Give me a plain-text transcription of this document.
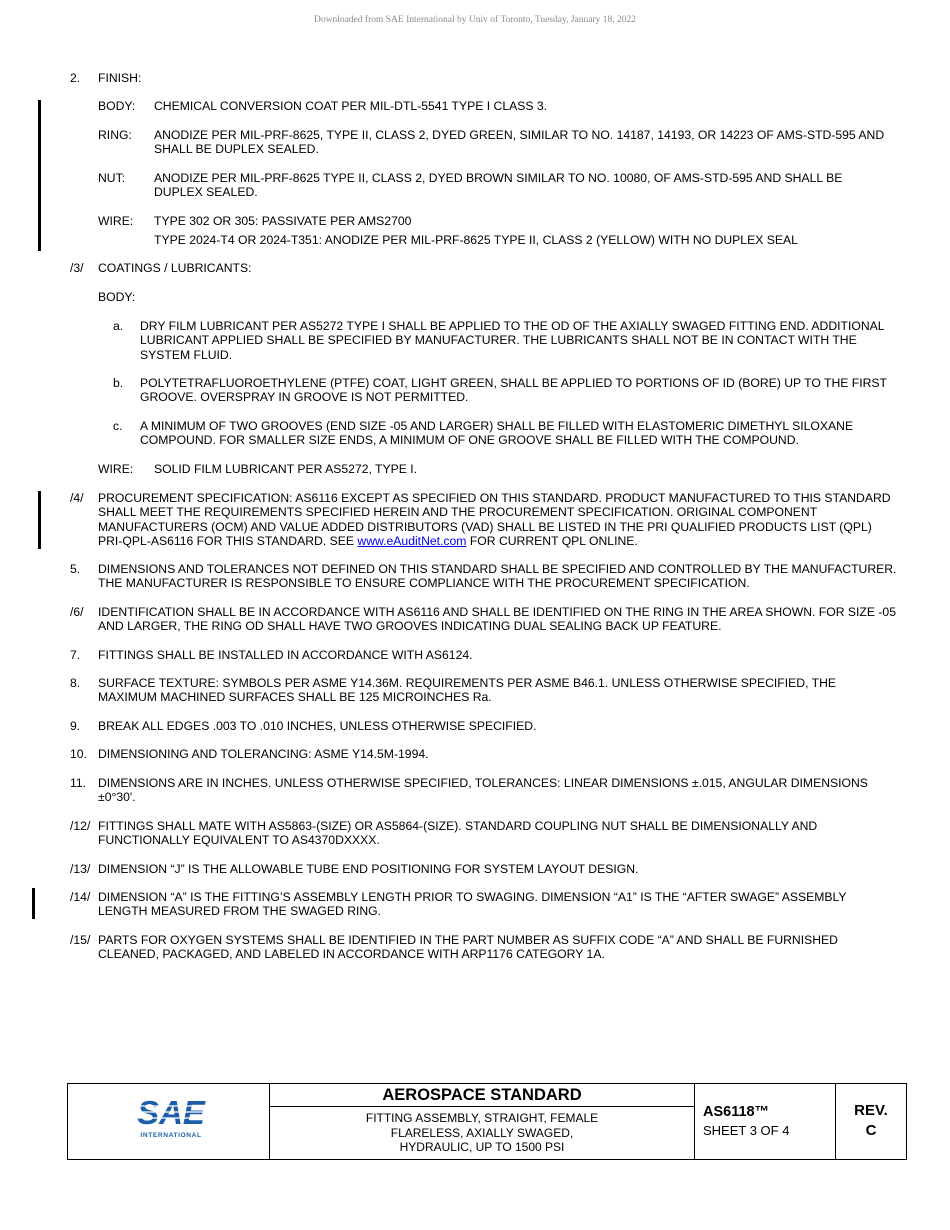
Downloaded from SAE International by Univ of Toronto, Tuesday, January 18, 2022
2. FINISH:
BODY: CHEMICAL CONVERSION COAT PER MIL-DTL-5541 TYPE I CLASS 3.
RING: ANODIZE PER MIL-PRF-8625, TYPE II, CLASS 2, DYED GREEN, SIMILAR TO NO. 14187, 14193, OR 14223 OF AMS-STD-595 AND SHALL BE DUPLEX SEALED.
NUT: ANODIZE PER MIL-PRF-8625 TYPE II, CLASS 2, DYED BROWN SIMILAR TO NO. 10080, OF AMS-STD-595 AND SHALL BE DUPLEX SEALED.
WIRE: TYPE 302 OR 305: PASSIVATE PER AMS2700
TYPE 2024-T4 OR 2024-T351: ANODIZE PER MIL-PRF-8625 TYPE II, CLASS 2 (YELLOW) WITH NO DUPLEX SEAL
/3/ COATINGS / LUBRICANTS:
BODY:
a. DRY FILM LUBRICANT PER AS5272 TYPE I SHALL BE APPLIED TO THE OD OF THE AXIALLY SWAGED FITTING END. ADDITIONAL LUBRICANT APPLIED SHALL BE SPECIFIED BY MANUFACTURER. THE LUBRICANTS SHALL NOT BE IN CONTACT WITH THE SYSTEM FLUID.
b. POLYTETRAFLUOROETHYLENE (PTFE) COAT, LIGHT GREEN, SHALL BE APPLIED TO PORTIONS OF ID (BORE) UP TO THE FIRST GROOVE. OVERSPRAY IN GROOVE IS NOT PERMITTED.
c. A MINIMUM OF TWO GROOVES (END SIZE -05 AND LARGER) SHALL BE FILLED WITH ELASTOMERIC DIMETHYL SILOXANE COMPOUND. FOR SMALLER SIZE ENDS, A MINIMUM OF ONE GROOVE SHALL BE FILLED WITH THE COMPOUND.
WIRE: SOLID FILM LUBRICANT PER AS5272, TYPE I.
/4/ PROCUREMENT SPECIFICATION: AS6116 EXCEPT AS SPECIFIED ON THIS STANDARD. PRODUCT MANUFACTURED TO THIS STANDARD SHALL MEET THE REQUIREMENTS SPECIFIED HEREIN AND THE PROCUREMENT SPECIFICATION. ORIGINAL COMPONENT MANUFACTURERS (OCM) AND VALUE ADDED DISTRIBUTORS (VAD) SHALL BE LISTED IN THE PRI QUALIFIED PRODUCTS LIST (QPL) PRI-QPL-AS6116 FOR THIS STANDARD. SEE www.eAuditNet.com FOR CURRENT QPL ONLINE.
5. DIMENSIONS AND TOLERANCES NOT DEFINED ON THIS STANDARD SHALL BE SPECIFIED AND CONTROLLED BY THE MANUFACTURER. THE MANUFACTURER IS RESPONSIBLE TO ENSURE COMPLIANCE WITH THE PROCUREMENT SPECIFICATION.
/6/ IDENTIFICATION SHALL BE IN ACCORDANCE WITH AS6116 AND SHALL BE IDENTIFIED ON THE RING IN THE AREA SHOWN. FOR SIZE -05 AND LARGER, THE RING OD SHALL HAVE TWO GROOVES INDICATING DUAL SEALING BACK UP FEATURE.
7. FITTINGS SHALL BE INSTALLED IN ACCORDANCE WITH AS6124.
8. SURFACE TEXTURE: SYMBOLS PER ASME Y14.36M. REQUIREMENTS PER ASME B46.1. UNLESS OTHERWISE SPECIFIED, THE MAXIMUM MACHINED SURFACES SHALL BE 125 MICROINCHES Ra.
9. BREAK ALL EDGES .003 TO .010 INCHES, UNLESS OTHERWISE SPECIFIED.
10. DIMENSIONING AND TOLERANCING: ASME Y14.5M-1994.
11. DIMENSIONS ARE IN INCHES. UNLESS OTHERWISE SPECIFIED, TOLERANCES: LINEAR DIMENSIONS ±.015, ANGULAR DIMENSIONS ±0°30'.
/12/ FITTINGS SHALL MATE WITH AS5863-(SIZE) OR AS5864-(SIZE). STANDARD COUPLING NUT SHALL BE DIMENSIONALLY AND FUNCTIONALLY EQUIVALENT TO AS4370DXXXX.
/13/ DIMENSION “J” IS THE ALLOWABLE TUBE END POSITIONING FOR SYSTEM LAYOUT DESIGN.
/14/ DIMENSION “A” IS THE FITTING’S ASSEMBLY LENGTH PRIOR TO SWAGING. DIMENSION “A1” IS THE “AFTER SWAGE” ASSEMBLY LENGTH MEASURED FROM THE SWAGED RING.
/15/ PARTS FOR OXYGEN SYSTEMS SHALL BE IDENTIFIED IN THE PART NUMBER AS SUFFIX CODE “A” AND SHALL BE FURNISHED CLEANED, PACKAGED, AND LABELED IN ACCORDANCE WITH ARP1176 CATEGORY 1A.
SAE
INTERNATIONAL
AEROSPACE STANDARD
FITTING ASSEMBLY, STRAIGHT, FEMALE
FLARELESS, AXIALLY SWAGED,
HYDRAULIC, UP TO 1500 PSI
AS6118™
SHEET 3 OF 4
REV.
C
